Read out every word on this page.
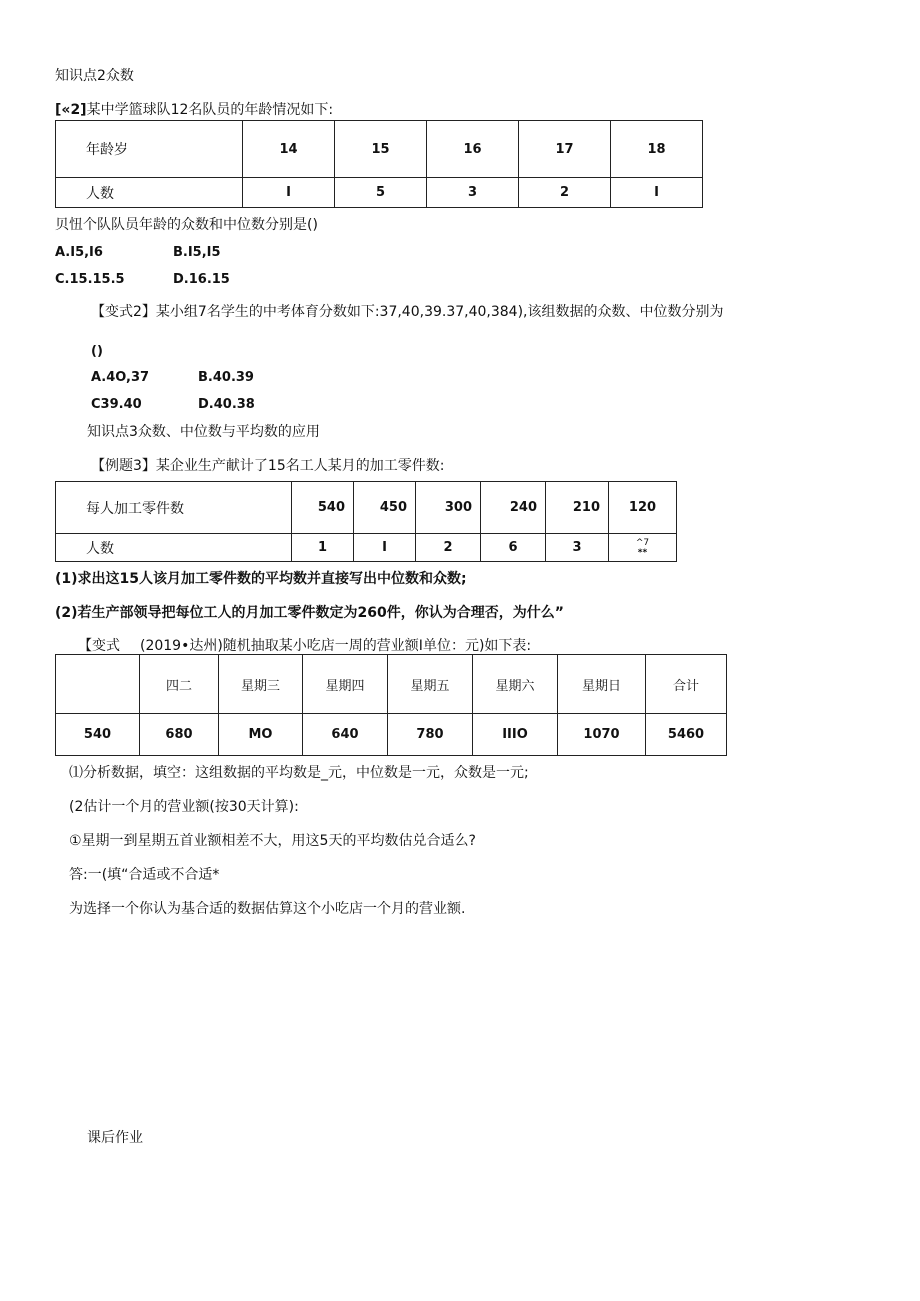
知识点2众数
[«2]某中学篮球队12名队员的年龄情况如下:
年龄岁	14	15	16	17	18
人数	I	5	3	2	I
贝忸个队队员年龄的众数和中位数分别是()
A.I5,I6	B.I5,I5
C.15.15.5	D.16.15
【变式2】某小组7名学生的中考体育分数如下:37,40,39.37,40,384),该组数据的众数、中位数分别为
()
A.4O,37	B.40.39
C39.40	D.40.38
知识点3众数、中位数与平均数的应用
【例题3】某企业生产献计了15名工人某月的加工零件数:
每人加工零件数	540	450	300	240	210	120
人数	1	I	2	6	3	^7
**
(1)求出这15人该月加工零件数的平均数并直接写出中位数和众数;
(2)若生产部领导把每位工人的月加工零件数定为260件，你认为合理否，为什么”
【变式 (2019•达州)随机抽取某小吃店一周的营业额I单位：元)如下表:
	四二	星期三	星期四	星期五	星期六	星期日	合计
540	680	MO	640	780	IIIO	1070	5460
⑴分析数据，填空：这组数据的平均数是_元，中位数是一元，众数是一元;
(2估计一个月的营业额(按30天计算):
①星期一到星期五首业额相差不大，用这5天的平均数估兑合适么?
答:一(填“合适或不合适*
为选择一个你认为基合适的数据估算这个小吃店一个月的营业额.
课后作业
